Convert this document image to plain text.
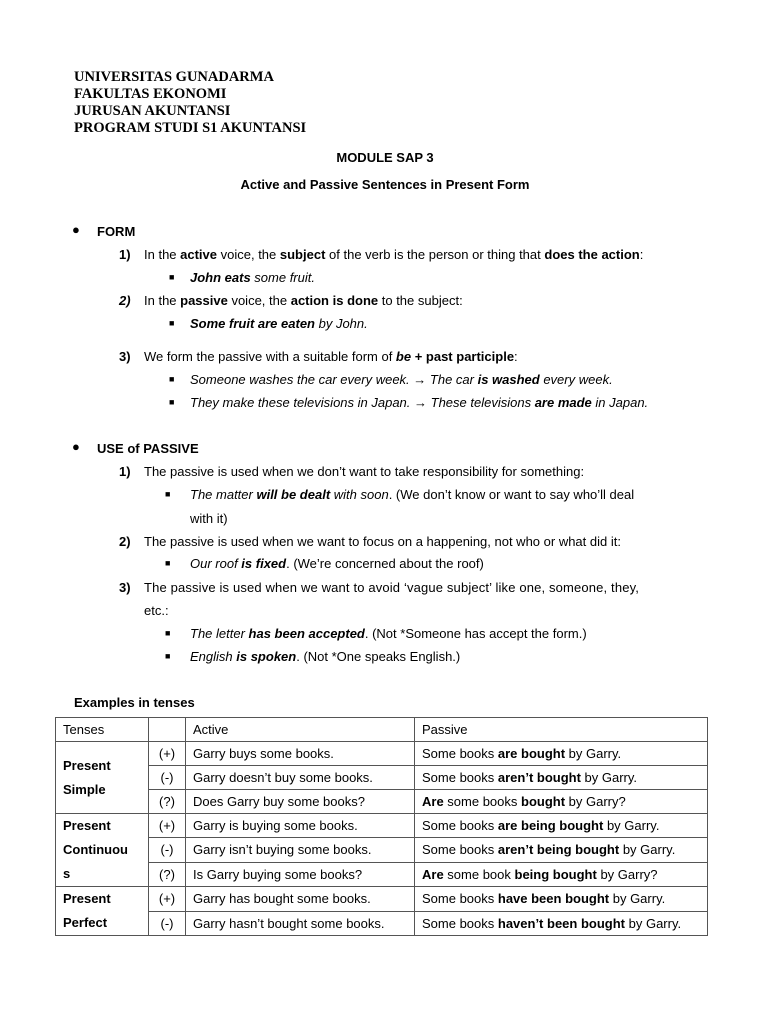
UNIVERSITAS GUNADARMA
FAKULTAS EKONOMI
JURUSAN AKUNTANSI
PROGRAM STUDI S1 AKUNTANSI
MODULE SAP 3
Active and Passive Sentences in Present Form
● FORM
1) In the active voice, the subject of the verb is the person or thing that does the action:
■ John eats some fruit.
2) In the passive voice, the action is done to the subject:
■ Some fruit are eaten by John.
3) We form the passive with a suitable form of be + past participle:
■ Someone washes the car every week. → The car is washed every week.
■ They make these televisions in Japan. → These televisions are made in Japan.
● USE of PASSIVE
1) The passive is used when we don’t want to take responsibility for something:
■ The matter will be dealt with soon. (We don’t know or want to say who’ll deal
with it)
2) The passive is used when we want to focus on a happening, not who or what did it:
■ Our roof is fixed. (We’re concerned about the roof)
3) The passive is used when we want to avoid ‘vague subject’ like one, someone, they,
etc.:
■ The letter has been accepted. (Not *Someone has accept the form.)
■ English is spoken. (Not *One speaks English.)
Examples in tenses
Tenses		Active	Passive

Present
Simple	(+)	Garry buys some books.	Some books are bought by Garry.
	(-)	Garry doesn’t buy some books.	Some books aren’t bought by Garry.
	(?)	Does Garry buy some books?	Are some books bought by Garry?

Present
Continuou
s	(+)	Garry is buying some books.	Some books are being bought by Garry.
	(-)	Garry isn’t buying some books.	Some books aren’t being bought by Garry.
	(?)	Is Garry buying some books?	Are some book being bought by Garry?

Present
Perfect	(+)	Garry has bought some books.	Some books have been bought by Garry.
	(-)	Garry hasn’t bought some books.	Some books haven’t been bought by Garry.
